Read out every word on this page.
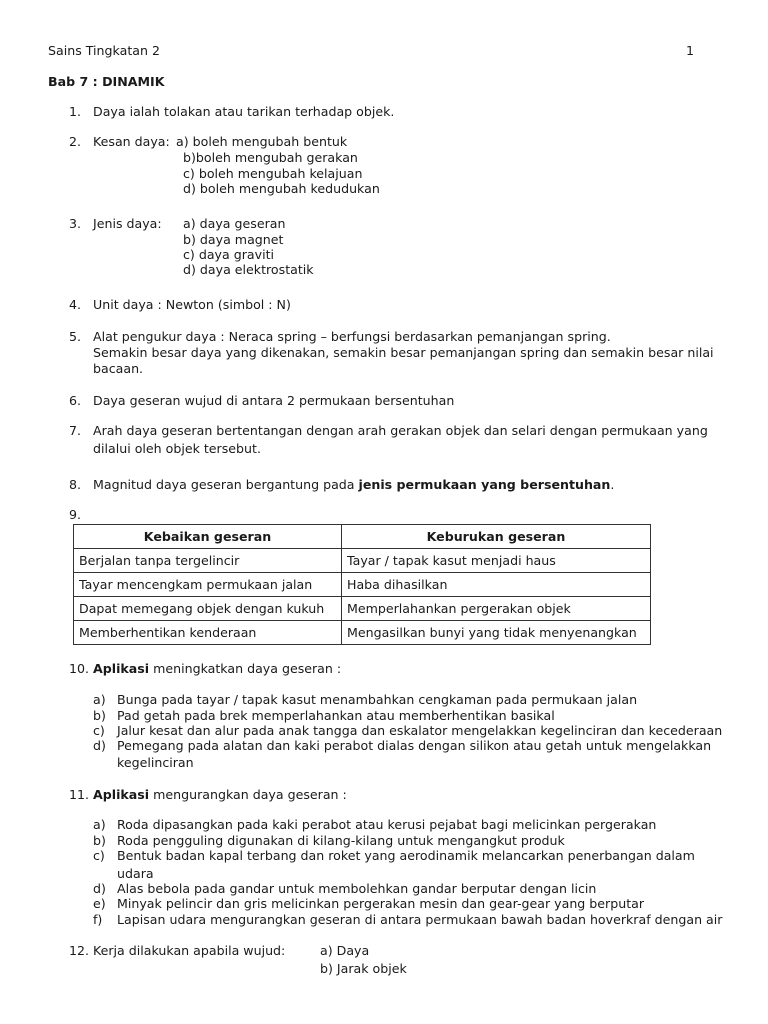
Sains Tingkatan 2	1
Bab 7 : DINAMIK
1. Daya ialah tolakan atau tarikan terhadap objek.
2. Kesan daya: a) boleh mengubah bentuk
b)boleh mengubah gerakan
c) boleh mengubah kelajuan
d) boleh mengubah kedudukan
3. Jenis daya: a) daya geseran
b) daya magnet
c) daya graviti
d) daya elektrostatik
4. Unit daya : Newton (simbol : N)
5. Alat pengukur daya : Neraca spring – berfungsi berdasarkan pemanjangan spring.
Semakin besar daya yang dikenakan, semakin besar pemanjangan spring dan semakin besar nilai
bacaan.
6. Daya geseran wujud di antara 2 permukaan bersentuhan
7. Arah daya geseran bertentangan dengan arah gerakan objek dan selari dengan permukaan yang
dilalui oleh objek tersebut.
8. Magnitud daya geseran bergantung pada jenis permukaan yang bersentuhan.
9.
Kebaikan geseran	Keburukan geseran
Berjalan tanpa tergelincir	Tayar / tapak kasut menjadi haus
Tayar mencengkam permukaan jalan	Haba dihasilkan
Dapat memegang objek dengan kukuh	Memperlahankan pergerakan objek
Memberhentikan kenderaan	Mengasilkan bunyi yang tidak menyenangkan
10. Aplikasi meningkatkan daya geseran :
a) Bunga pada tayar / tapak kasut menambahkan cengkaman pada permukaan jalan
b) Pad getah pada brek memperlahankan atau memberhentikan basikal
c) Jalur kesat dan alur pada anak tangga dan eskalator mengelakkan kegelinciran dan kecederaan
d) Pemegang pada alatan dan kaki perabot dialas dengan silikon atau getah untuk mengelakkan
kegelinciran
11. Aplikasi mengurangkan daya geseran :
a) Roda dipasangkan pada kaki perabot atau kerusi pejabat bagi melicinkan pergerakan
b) Roda pengguling digunakan di kilang-kilang untuk mengangkut produk
c) Bentuk badan kapal terbang dan roket yang aerodinamik melancarkan penerbangan dalam
udara
d) Alas bebola pada gandar untuk membolehkan gandar berputar dengan licin
e) Minyak pelincir dan gris melicinkan pergerakan mesin dan gear-gear yang berputar
f) Lapisan udara mengurangkan geseran di antara permukaan bawah badan hoverkraf dengan air
12. Kerja dilakukan apabila wujud:	a) Daya
b) Jarak objek
